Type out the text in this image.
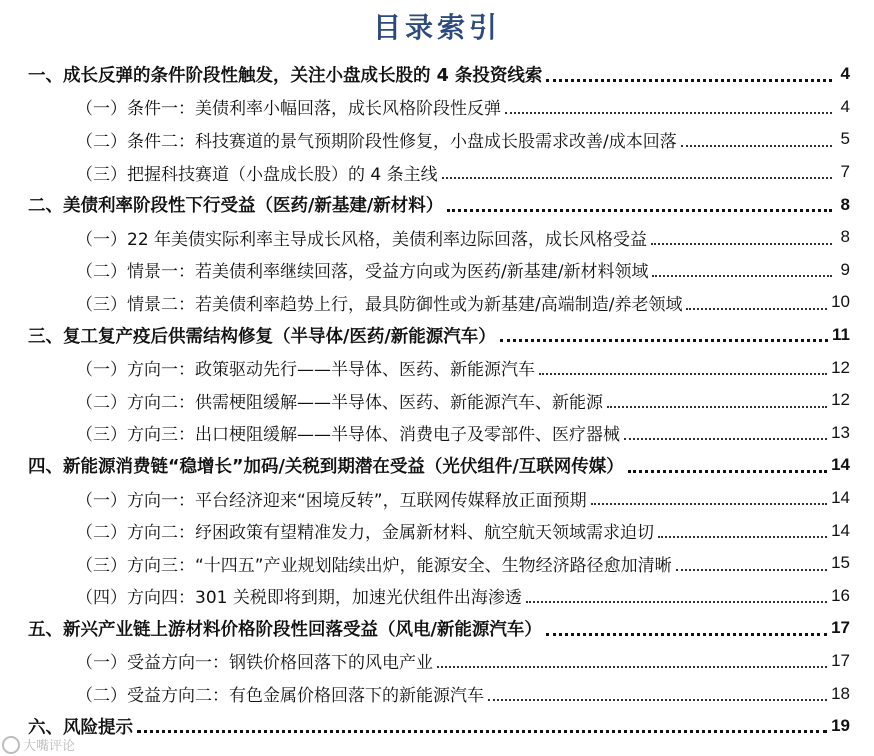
目录索引
一、成长反弹的条件阶段性触发，关注小盘成长股的 4 条投资线索	4
（一）条件一：美债利率小幅回落，成长风格阶段性反弹	4
（二）条件二：科技赛道的景气预期阶段性修复，小盘成长股需求改善/成本回落	5
（三）把握科技赛道（小盘成长股）的 4 条主线	7
二、美债利率阶段性下行受益（医药/新基建/新材料）	8
（一）22 年美债实际利率主导成长风格，美债利率边际回落，成长风格受益	8
（二）情景一：若美债利率继续回落，受益方向或为医药/新基建/新材料领域	9
（三）情景二：若美债利率趋势上行，最具防御性或为新基建/高端制造/养老领域	10
三、复工复产疫后供需结构修复（半导体/医药/新能源汽车）	11
（一）方向一：政策驱动先行——半导体、医药、新能源汽车	12
（二）方向二：供需梗阻缓解——半导体、医药、新能源汽车、新能源	12
（三）方向三：出口梗阻缓解——半导体、消费电子及零部件、医疗器械	13
四、新能源消费链“稳增长”加码/关税到期潜在受益（光伏组件/互联网传媒）	14
（一）方向一：平台经济迎来“困境反转”，互联网传媒释放正面预期	14
（二）方向二：纾困政策有望精准发力，金属新材料、航空航天领域需求迫切	14
（三）方向三：“十四五”产业规划陆续出炉，能源安全、生物经济路径愈加清晰	15
（四）方向四：301 关税即将到期，加速光伏组件出海渗透	16
五、新兴产业链上游材料价格阶段性回落受益（风电/新能源汽车）	17
（一）受益方向一：钢铁价格回落下的风电产业	17
（二）受益方向二：有色金属价格回落下的新能源汽车	18
六、风险提示	19
大嘴评论
